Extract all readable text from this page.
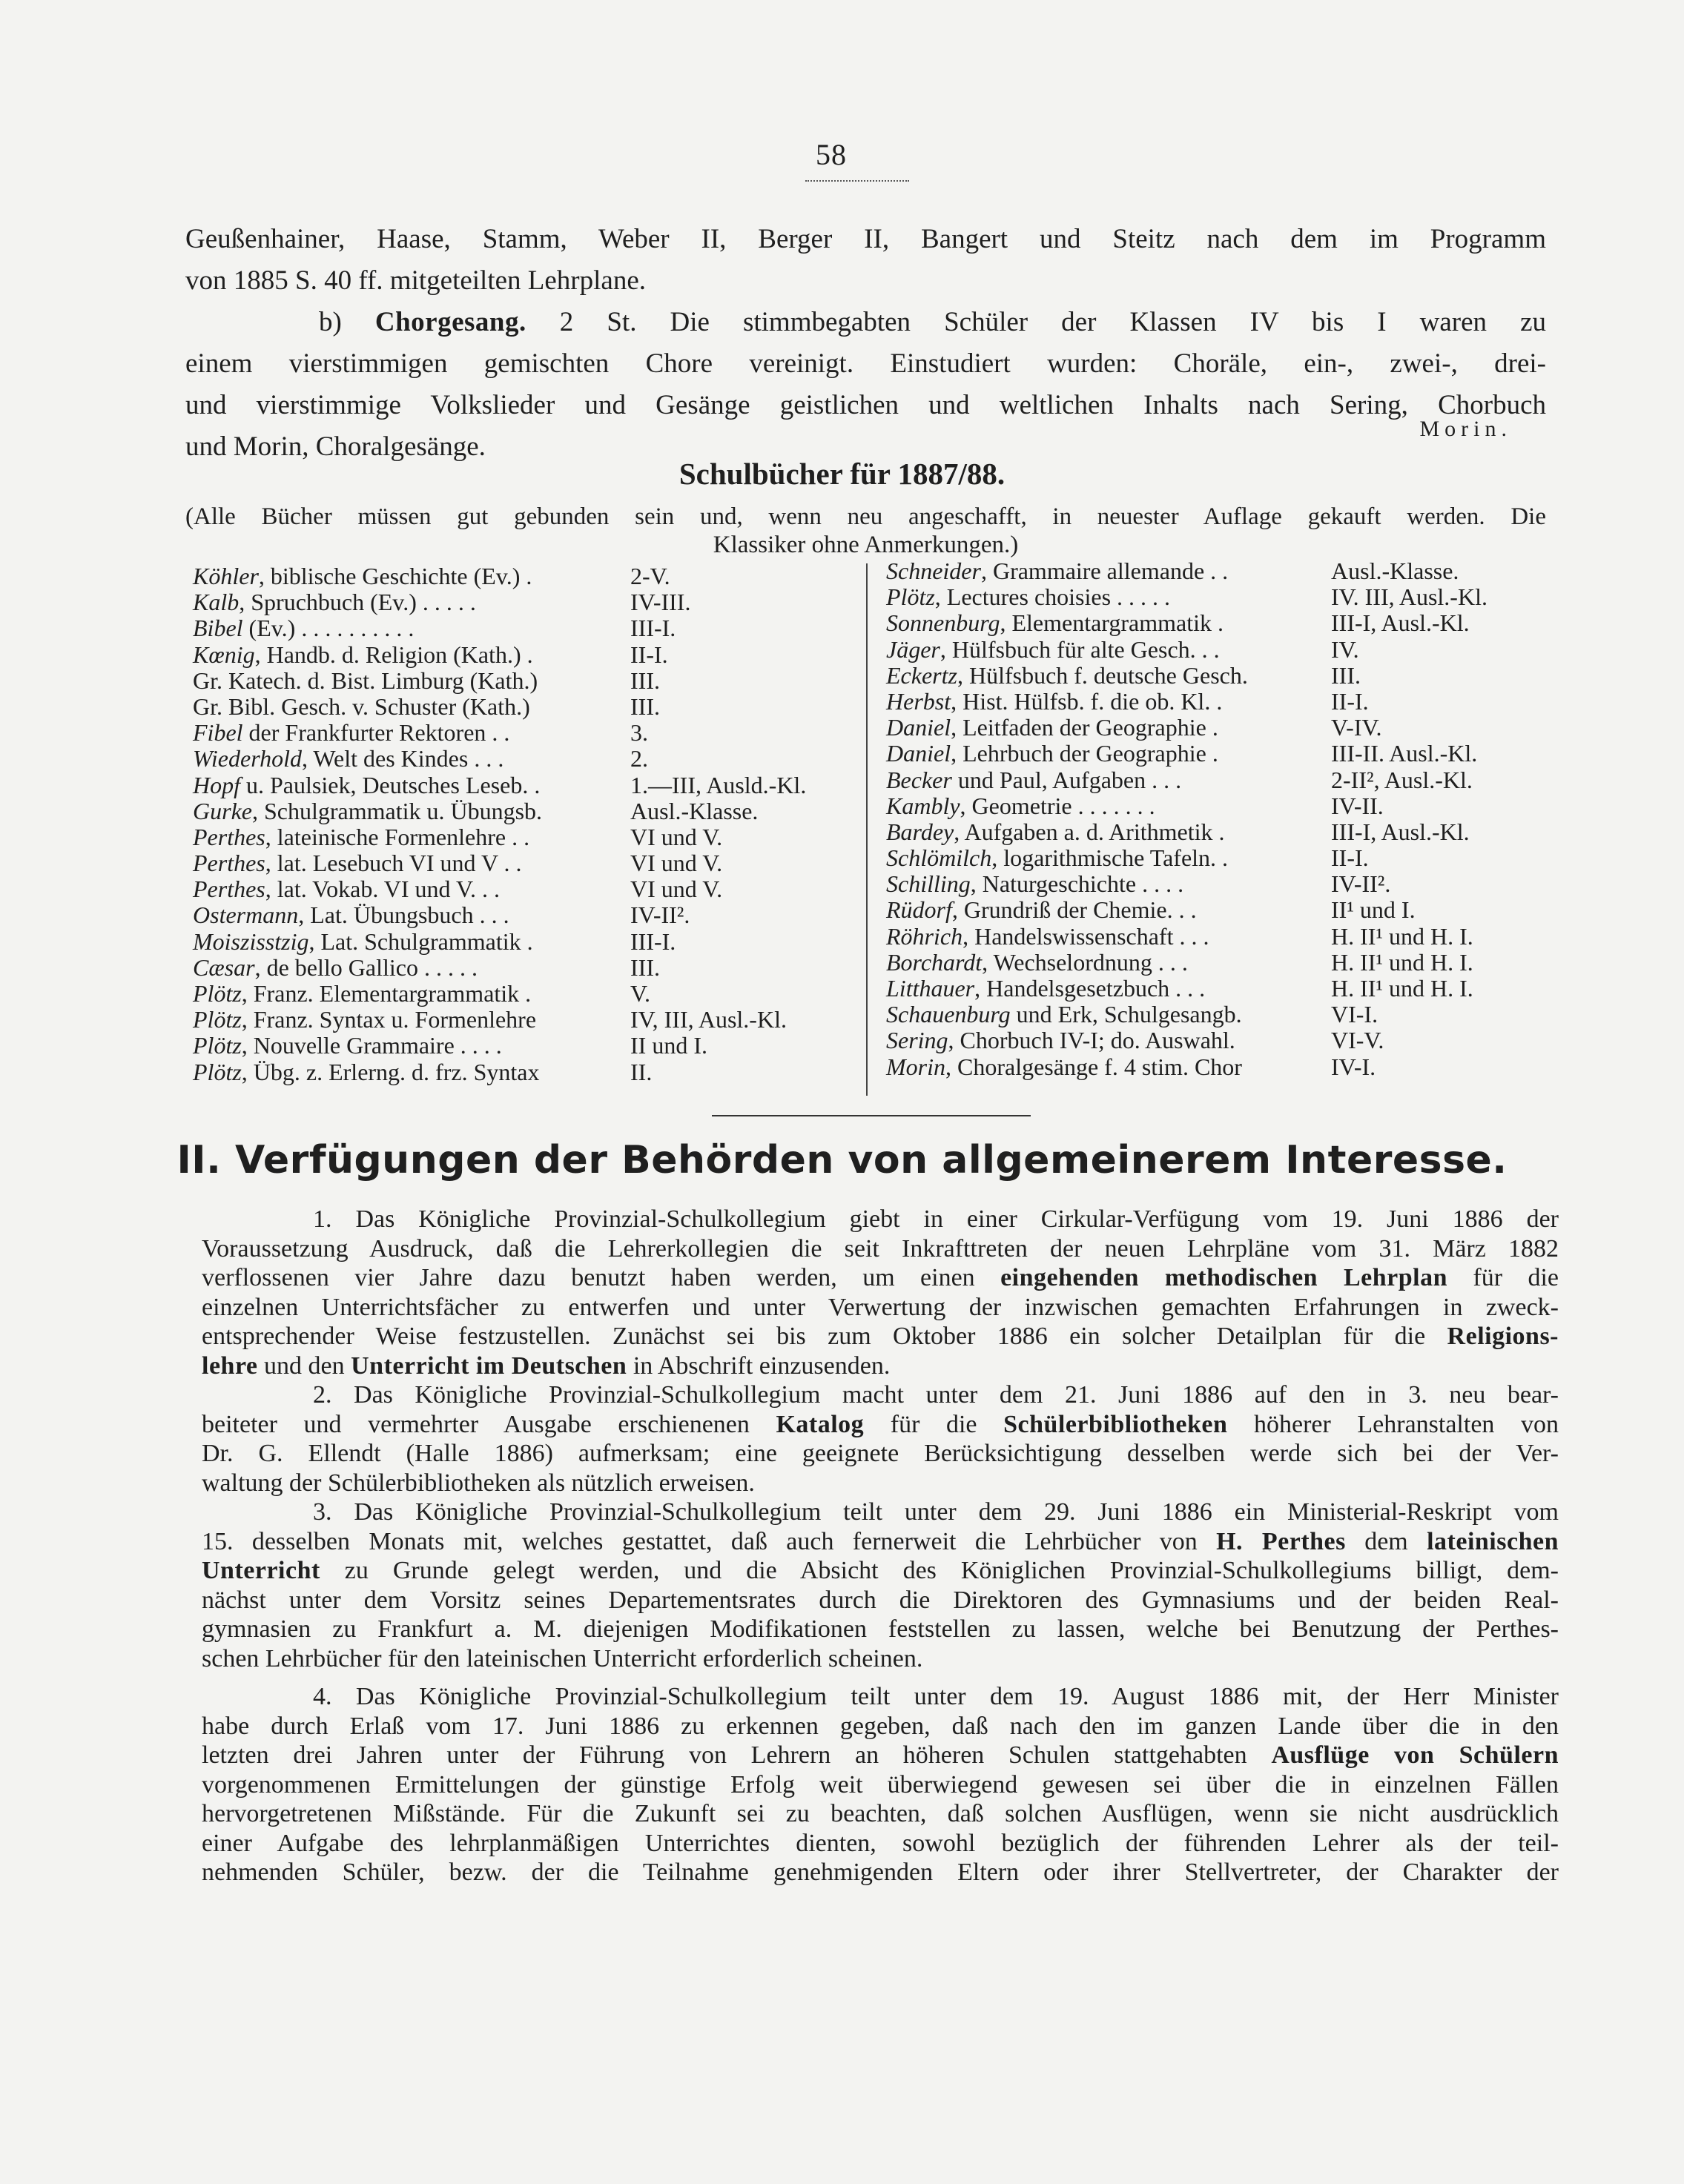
58
Geußenhainer, Haase, Stamm, Weber II, Berger II, Bangert und Steitz nach dem im Programm
von 1885 S. 40 ff. mitgeteilten Lehrplane.
b) Chorgesang. 2 St. Die stimmbegabten Schüler der Klassen IV bis I waren zu
einem vierstimmigen gemischten Chore vereinigt. Einstudiert wurden: Choräle, ein-, zwei-, drei-
und vierstimmige Volkslieder und Gesänge geistlichen und weltlichen Inhalts nach Sering, Chorbuch
und Morin, Choralgesänge.
Morin.
Schulbücher für 1887/88.
(Alle Bücher müssen gut gebunden sein und, wenn neu angeschafft, in neuester Auflage gekauft werden. Die
Klassiker ohne Anmerkungen.)
Köhler, biblische Geschichte (Ev.) .	2-V.
Kalb, Spruchbuch (Ev.) . . . . .	IV-III.
Bibel (Ev.) . . . . . . . . . .	III-I.
Kœnig, Handb. d. Religion (Kath.) .	II-I.
Gr. Katech. d. Bist. Limburg (Kath.)	III.
Gr. Bibl. Gesch. v. Schuster (Kath.)	III.
Fibel der Frankfurter Rektoren . .	3.
Wiederhold, Welt des Kindes . . .	2.
Hopf u. Paulsiek, Deutsches Leseb. .	1.—III, Ausld.-Kl.
Gurke, Schulgrammatik u. Übungsb.	Ausl.-Klasse.
Perthes, lateinische Formenlehre . .	VI und V.
Perthes, lat. Lesebuch VI und V . .	VI und V.
Perthes, lat. Vokab. VI und V. . .	VI und V.
Ostermann, Lat. Übungsbuch . . .	IV-II².
Moiszisstzig, Lat. Schulgrammatik .	III-I.
Cæsar, de bello Gallico . . . . .	III.
Plötz, Franz. Elementargrammatik .	V.
Plötz, Franz. Syntax u. Formenlehre	IV, III, Ausl.-Kl.
Plötz, Nouvelle Grammaire . . . .	II und I.
Plötz, Übg. z. Erlerng. d. frz. Syntax	II.
Schneider, Grammaire allemande . .	Ausl.-Klasse.
Plötz, Lectures choisies . . . . .	IV. III, Ausl.-Kl.
Sonnenburg, Elementargrammatik .	III-I, Ausl.-Kl.
Jäger, Hülfsbuch für alte Gesch. . .	IV.
Eckertz, Hülfsbuch f. deutsche Gesch.	III.
Herbst, Hist. Hülfsb. f. die ob. Kl. .	II-I.
Daniel, Leitfaden der Geographie .	V-IV.
Daniel, Lehrbuch der Geographie .	III-II. Ausl.-Kl.
Becker und Paul, Aufgaben . . .	2-II², Ausl.-Kl.
Kambly, Geometrie . . . . . . .	IV-II.
Bardey, Aufgaben a. d. Arithmetik .	III-I, Ausl.-Kl.
Schlömilch, logarithmische Tafeln. .	II-I.
Schilling, Naturgeschichte . . . .	IV-II².
Rüdorf, Grundriß der Chemie. . .	II¹ und I.
Röhrich, Handelswissenschaft . . .	H. II¹ und H. I.
Borchardt, Wechselordnung . . .	H. II¹ und H. I.
Litthauer, Handelsgesetzbuch . . .	H. II¹ und H. I.
Schauenburg und Erk, Schulgesangb.	VI-I.
Sering, Chorbuch IV-I; do. Auswahl.	VI-V.
Morin, Choralgesänge f. 4 stim. Chor	IV-I.
II. Verfügungen der Behörden von allgemeinerem Interesse.
1. Das Königliche Provinzial-Schulkollegium giebt in einer Cirkular-Verfügung vom 19. Juni 1886 der
Voraussetzung Ausdruck, daß die Lehrerkollegien die seit Inkrafttreten der neuen Lehrpläne vom 31. März 1882
verflossenen vier Jahre dazu benutzt haben werden, um einen eingehenden methodischen Lehrplan für die
einzelnen Unterrichtsfächer zu entwerfen und unter Verwertung der inzwischen gemachten Erfahrungen in zweck-
entsprechender Weise festzustellen. Zunächst sei bis zum Oktober 1886 ein solcher Detailplan für die Religions-
lehre und den Unterricht im Deutschen in Abschrift einzusenden.
2. Das Königliche Provinzial-Schulkollegium macht unter dem 21. Juni 1886 auf den in 3. neu bear-
beiteter und vermehrter Ausgabe erschienenen Katalog für die Schülerbibliotheken höherer Lehranstalten von
Dr. G. Ellendt (Halle 1886) aufmerksam; eine geeignete Berücksichtigung desselben werde sich bei der Ver-
waltung der Schülerbibliotheken als nützlich erweisen.
3. Das Königliche Provinzial-Schulkollegium teilt unter dem 29. Juni 1886 ein Ministerial-Reskript vom
15. desselben Monats mit, welches gestattet, daß auch fernerweit die Lehrbücher von H. Perthes dem lateinischen
Unterricht zu Grunde gelegt werden, und die Absicht des Königlichen Provinzial-Schulkollegiums billigt, dem-
nächst unter dem Vorsitz seines Departementsrates durch die Direktoren des Gymnasiums und der beiden Real-
gymnasien zu Frankfurt a. M. diejenigen Modifikationen feststellen zu lassen, welche bei Benutzung der Perthes-
schen Lehrbücher für den lateinischen Unterricht erforderlich scheinen.
4. Das Königliche Provinzial-Schulkollegium teilt unter dem 19. August 1886 mit, der Herr Minister
habe durch Erlaß vom 17. Juni 1886 zu erkennen gegeben, daß nach den im ganzen Lande über die in den
letzten drei Jahren unter der Führung von Lehrern an höheren Schulen stattgehabten Ausflüge von Schülern
vorgenommenen Ermittelungen der günstige Erfolg weit überwiegend gewesen sei über die in einzelnen Fällen
hervorgetretenen Mißstände. Für die Zukunft sei zu beachten, daß solchen Ausflügen, wenn sie nicht ausdrücklich
einer Aufgabe des lehrplanmäßigen Unterrichtes dienten, sowohl bezüglich der führenden Lehrer als der teil-
nehmenden Schüler, bezw. der die Teilnahme genehmigenden Eltern oder ihrer Stellvertreter, der Charakter der
